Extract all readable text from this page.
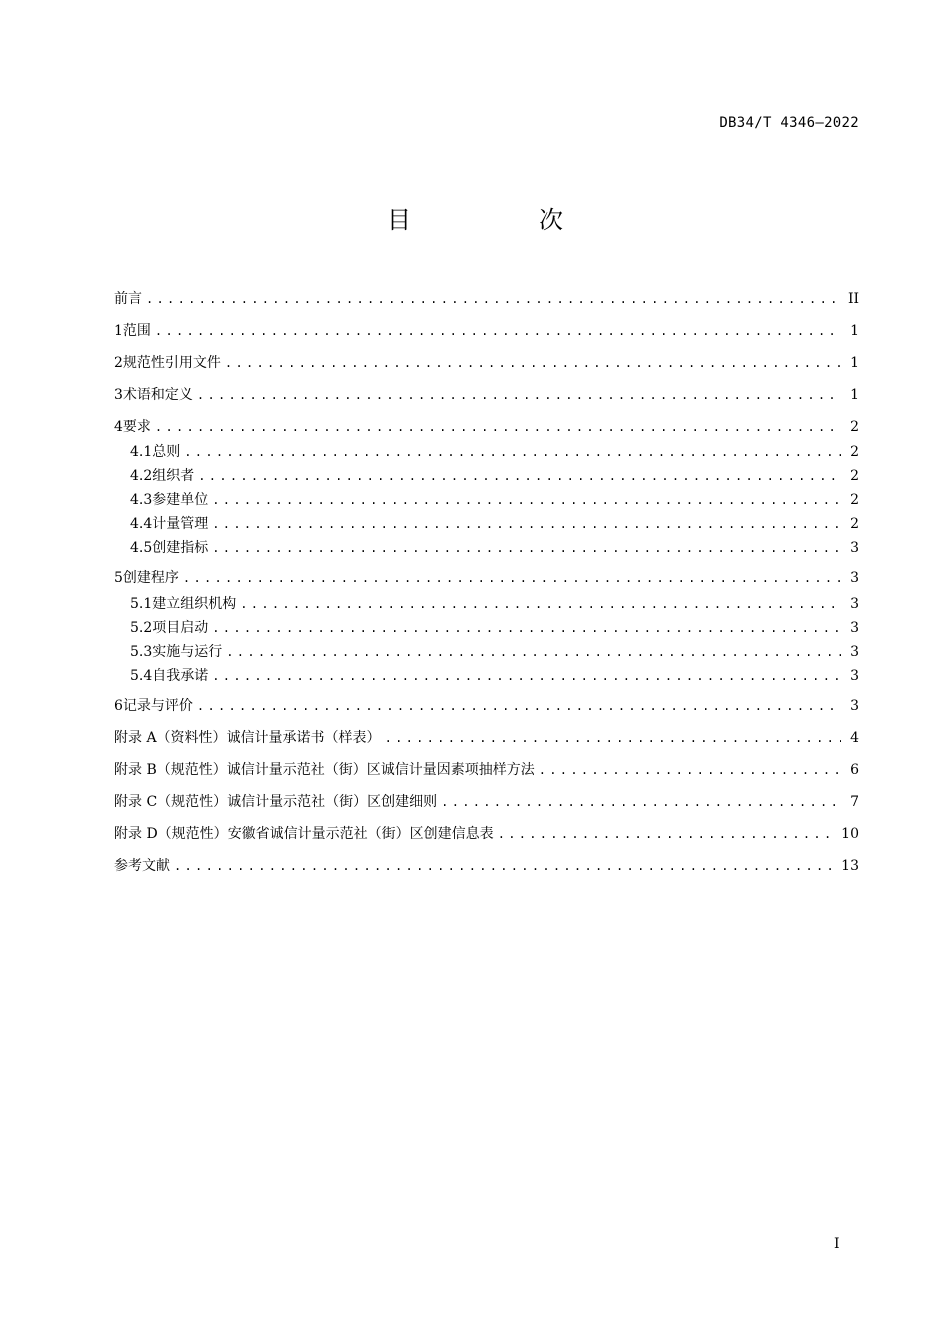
DB34/T 4346—2022
目　次
前言 .....	II
1 范围 .....	1
2 规范性引用文件 .....	1
3 术语和定义 .....	1
4 要求 .....	2
4.1 总则 .....	2
4.2 组织者 .....	2
4.3 参建单位 .....	2
4.4 计量管理 .....	2
4.5 创建指标 .....	3
5 创建程序 .....	3
5.1 建立组织机构 .....	3
5.2 项目启动 .....	3
5.3 实施与运行 .....	3
5.4 自我承诺 .....	3
6 记录与评价 .....	3
附录 A（资料性） 诚信计量承诺书（样表） .....	4
附录 B（规范性） 诚信计量示范社（街）区诚信计量因素项抽样方法 .....	6
附录 C（规范性） 诚信计量示范社（街）区创建细则 .....	7
附录 D（规范性） 安徽省诚信计量示范社（街）区创建信息表 .....	10
参考文献 .....	13
I
